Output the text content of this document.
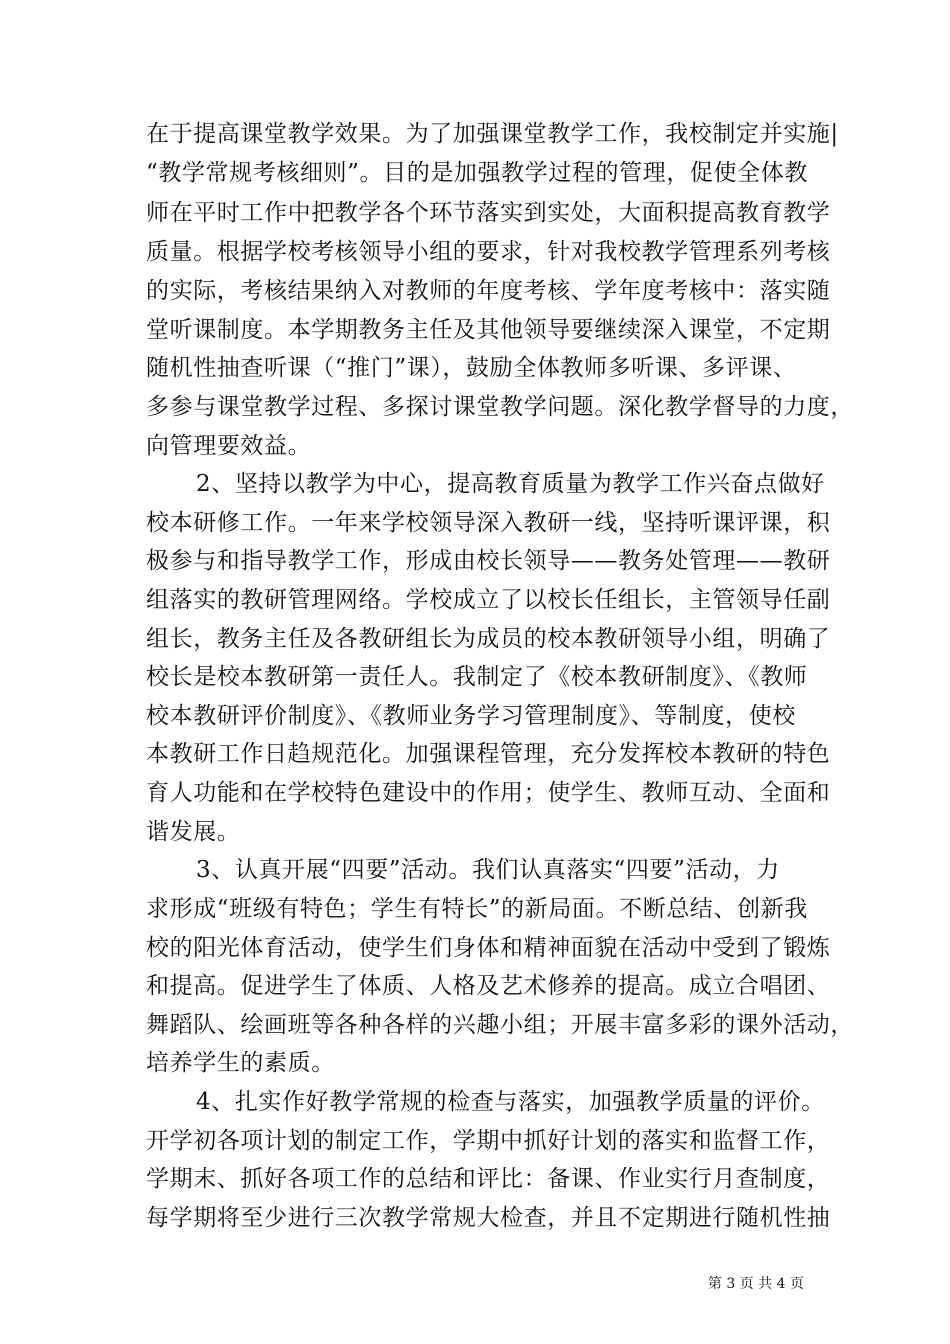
在于提高课堂教学效果。为了加强课堂教学工作，我校制定并实施|
“教学常规考核细则”。目的是加强教学过程的管理，促使全体教
师在平时工作中把教学各个环节落实到实处，大面积提高教育教学
质量。根据学校考核领导小组的要求，针对我校教学管理系列考核
的实际，考核结果纳入对教师的年度考核、学年度考核中：落实随
堂听课制度。本学期教务主任及其他领导要继续深入课堂，不定期
随机性抽查听课（“推门”课），鼓励全体教师多听课、多评课、
多参与课堂教学过程、多探讨课堂教学问题。深化教学督导的力度，
向管理要效益。
2、坚持以教学为中心，提高教育质量为教学工作兴奋点做好
校本研修工作。一年来学校领导深入教研一线，坚持听课评课，积
极参与和指导教学工作，形成由校长领导——教务处管理——教研
组落实的教研管理网络。学校成立了以校长任组长，主管领导任副
组长，教务主任及各教研组长为成员的校本教研领导小组，明确了
校长是校本教研第一责任人。我制定了《校本教研制度》、《教师
校本教研评价制度》、《教师业务学习管理制度》、等制度，使校
本教研工作日趋规范化。加强课程管理，充分发挥校本教研的特色
育人功能和在学校特色建设中的作用；使学生、教师互动、全面和
谐发展。
3、认真开展“四要”活动。我们认真落实“四要”活动，力
求形成“班级有特色；学生有特长”的新局面。不断总结、创新我
校的阳光体育活动，使学生们身体和精神面貌在活动中受到了锻炼
和提高。促进学生了体质、人格及艺术修养的提高。成立合唱团、
舞蹈队、绘画班等各种各样的兴趣小组；开展丰富多彩的课外活动，
培养学生的素质。
4、扎实作好教学常规的检查与落实，加强教学质量的评价。
开学初各项计划的制定工作，学期中抓好计划的落实和监督工作，
学期末、抓好各项工作的总结和评比：备课、作业实行月查制度，
每学期将至少进行三次教学常规大检查，并且不定期进行随机性抽
第 3 页 共 4 页
